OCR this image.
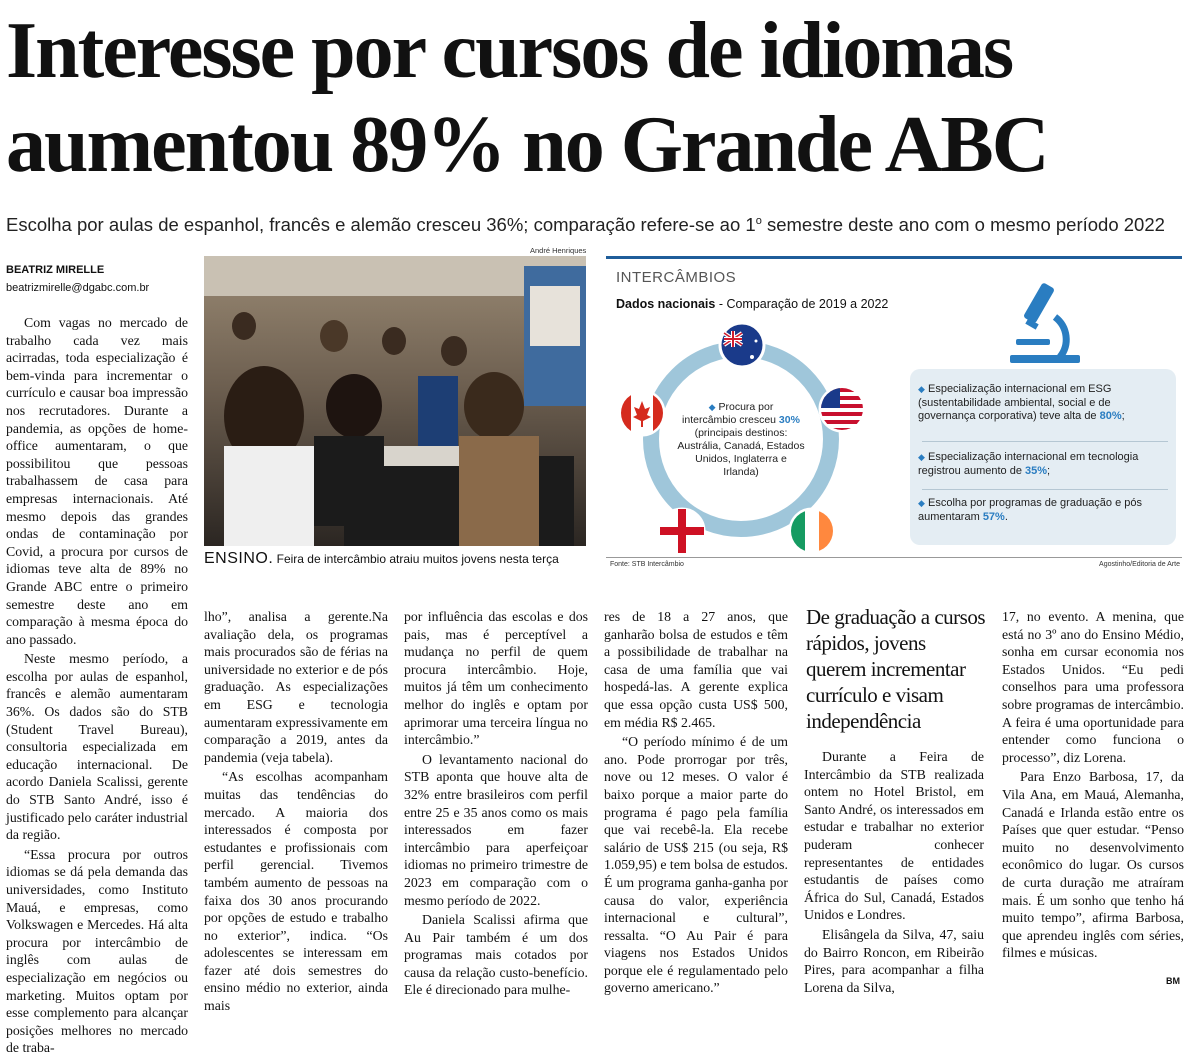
Interesse por cursos de idiomas
aumentou 89% no Grande ABC
Escolha por aulas de espanhol, francês e alemão cresceu 36%; comparação refere-se ao 1$^o$ semestre deste ano com o mesmo período 2022
BEATRIZ MIRELLE
beatrizmirelle@dgabc.com.br

Com vagas no mercado de trabalho cada vez mais acirradas, toda especialização é bem-vinda para incrementar o currículo e causar boa impressão nos recrutadores. Durante a pandemia, as opções de home-office aumentaram, o que possibilitou que pessoas trabalhassem de casa para empresas internacionais. Até mesmo depois das grandes ondas de contaminação por Covid, a procura por cursos de idiomas teve alta de 89% no Grande ABC entre o primeiro semestre deste ano em comparação à mesma época do ano passado.

Neste mesmo período, a escolha por aulas de espanhol, francês e alemão aumentaram 36%. Os dados são do STB (Student Travel Bureau), consultoria especializada em educação internacional. De acordo Daniela Scalissi, gerente do STB Santo André, isso é justificado pelo caráter industrial da região.

“Essa procura por outros idiomas se dá pela demanda das universidades, como Instituto Mauá, e empresas, como Volkswagen e Mercedes. Há alta procura por intercâmbio de inglês com aulas de especialização em negócios ou marketing. Muitos optam por esse complemento para alcançar posições melhores no mercado de traba-

André Henriques
ENSINO. Feira de intercâmbio atraiu muitos jovens nesta terça
INTERCÂMBIOS
Dados nacionais - Comparação de 2019 a 2022
◆ Procura por
intercâmbio cresceu 30%
(principais destinos:
Austrália, Canadá, Estados
Unidos, Inglaterra e
Irlanda)
◆ Especialização internacional em ESG (sustentabilidade ambiental, social e de governança corporativa) teve alta de 80%;
◆ Especialização internacional em tecnologia registrou aumento de 35%;
◆ Escolha por programas de graduação e pós aumentaram 57%.
Fonte: STB Intercâmbio	Agostinho/Editoria de Arte

lho”, analisa a gerente.Na avaliação dela, os programas mais procurados são de férias na universidade no exterior e de pós graduação. As especializações em ESG e tecnologia aumentaram expressivamente em comparação a 2019, antes da pandemia (veja tabela).

“As escolhas acompanham muitas das tendências do mercado. A maioria dos interessados é composta por estudantes e profissionais com perfil gerencial. Tivemos também aumento de pessoas na faixa dos 30 anos procurando por opções de estudo e trabalho no exterior”, indica. “Os adolescentes se interessam em fazer até dois semestres do ensino médio no exterior, ainda mais

por influência das escolas e dos pais, mas é perceptível a mudança no perfil de quem procura intercâmbio. Hoje, muitos já têm um conhecimento melhor do inglês e optam por aprimorar uma terceira língua no intercâmbio.”

O levantamento nacional do STB aponta que houve alta de 32% entre brasileiros com perfil entre 25 e 35 anos como os mais interessados em fazer intercâmbio para aperfeiçoar idiomas no primeiro trimestre de 2023 em comparação com o mesmo período de 2022.

Daniela Scalissi afirma que Au Pair também é um dos programas mais cotados por causa da relação custo-benefício. Ele é direcionado para mulhe-

res de 18 a 27 anos, que ganharão bolsa de estudos e têm a possibilidade de trabalhar na casa de uma família que vai hospedá-las. A gerente explica que essa opção custa US$ 500, em média R$ 2.465.

“O período mínimo é de um ano. Pode prorrogar por três, nove ou 12 meses. O valor é baixo porque a maior parte do programa é pago pela família que vai recebê-la. Ela recebe salário de US$ 215 (ou seja, R$ 1.059,95) e tem bolsa de estudos. É um programa ganha-ganha por causa do valor, experiência internacional e cultural”, ressalta. “O Au Pair é para viagens nos Estados Unidos porque ele é regulamentado pelo governo americano.”

De graduação a cursos rápidos, jovens querem incrementar currículo e visam independência

Durante a Feira de Intercâmbio da STB realizada ontem no Hotel Bristol, em Santo André, os interessados em estudar e trabalhar no exterior puderam conhecer representantes de entidades estudantis de países como África do Sul, Canadá, Estados Unidos e Londres.

Elisângela da Silva, 47, saiu do Bairro Roncon, em Ribeirão Pires, para acompanhar a filha Lorena da Silva,

17, no evento. A menina, que está no 3º ano do Ensino Médio, sonha em cursar economia nos Estados Unidos. “Eu pedi conselhos para uma professora sobre programas de intercâmbio. A feira é uma oportunidade para entender como funciona o processo”, diz Lorena.

Para Enzo Barbosa, 17, da Vila Ana, em Mauá, Alemanha, Canadá e Irlanda estão entre os Países que quer estudar. “Penso muito no desenvolvimento econômico do lugar. Os cursos de curta duração me atraíram mais. É um sonho que tenho há muito tempo”, afirma Barbosa, que aprendeu inglês com séries, filmes e músicas.

BM
